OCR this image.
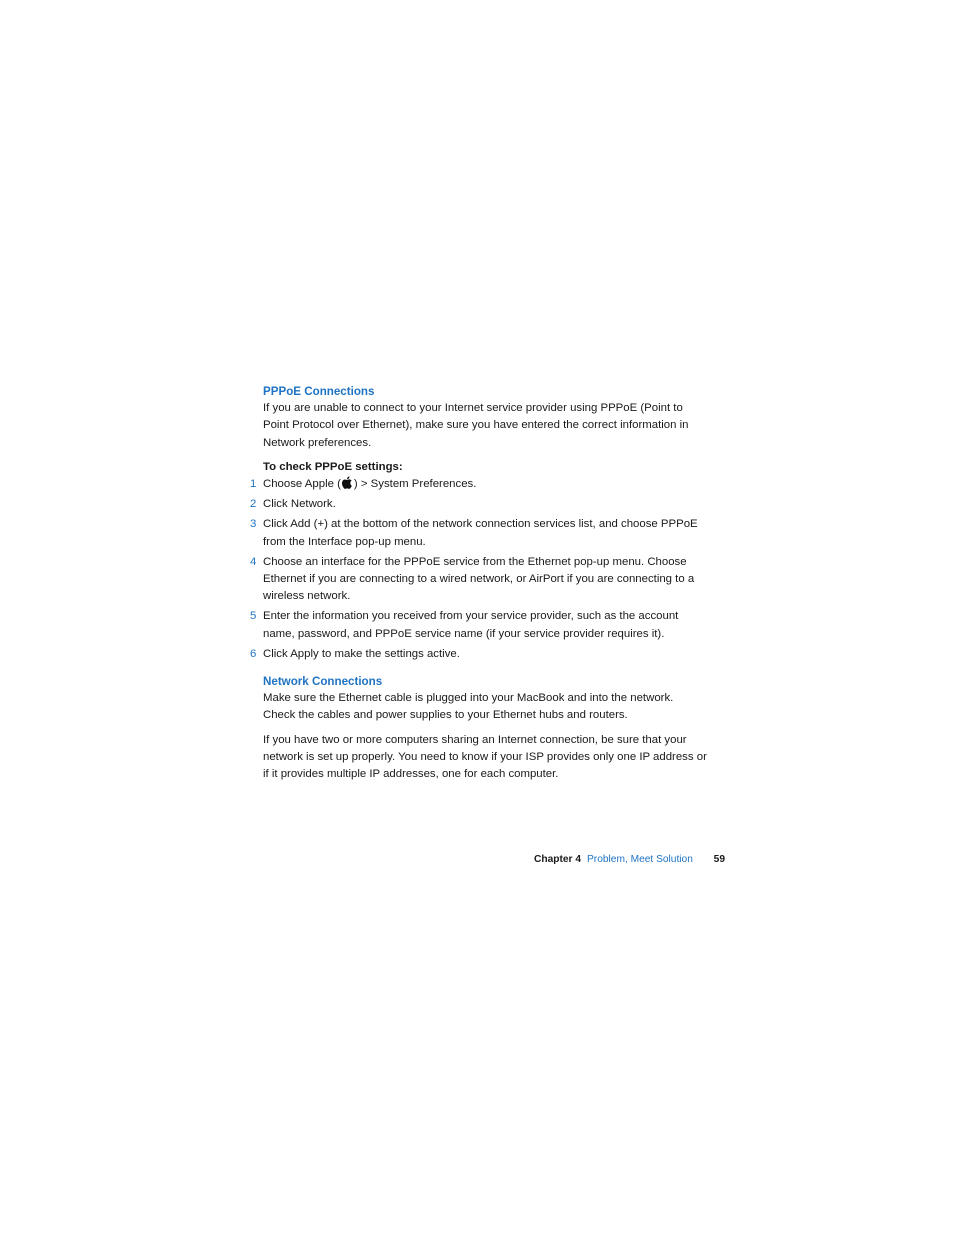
PPPoE Connections

If you are unable to connect to your Internet service provider using PPPoE (Point to Point Protocol over Ethernet), make sure you have entered the correct information in Network preferences.

To check PPPoE settings:

1 Choose Apple ( ) > System Preferences.
2 Click Network.
3 Click Add (+) at the bottom of the network connection services list, and choose PPPoE from the Interface pop-up menu.
4 Choose an interface for the PPPoE service from the Ethernet pop-up menu. Choose Ethernet if you are connecting to a wired network, or AirPort if you are connecting to a wireless network.
5 Enter the information you received from your service provider, such as the account name, password, and PPPoE service name (if your service provider requires it).
6 Click Apply to make the settings active.
Network Connections

Make sure the Ethernet cable is plugged into your MacBook and into the network. Check the cables and power supplies to your Ethernet hubs and routers.

If you have two or more computers sharing an Internet connection, be sure that your network is set up properly. You need to know if your ISP provides only one IP address or if it provides multiple IP addresses, one for each computer.

Chapter 4 Problem, Meet Solution 59
